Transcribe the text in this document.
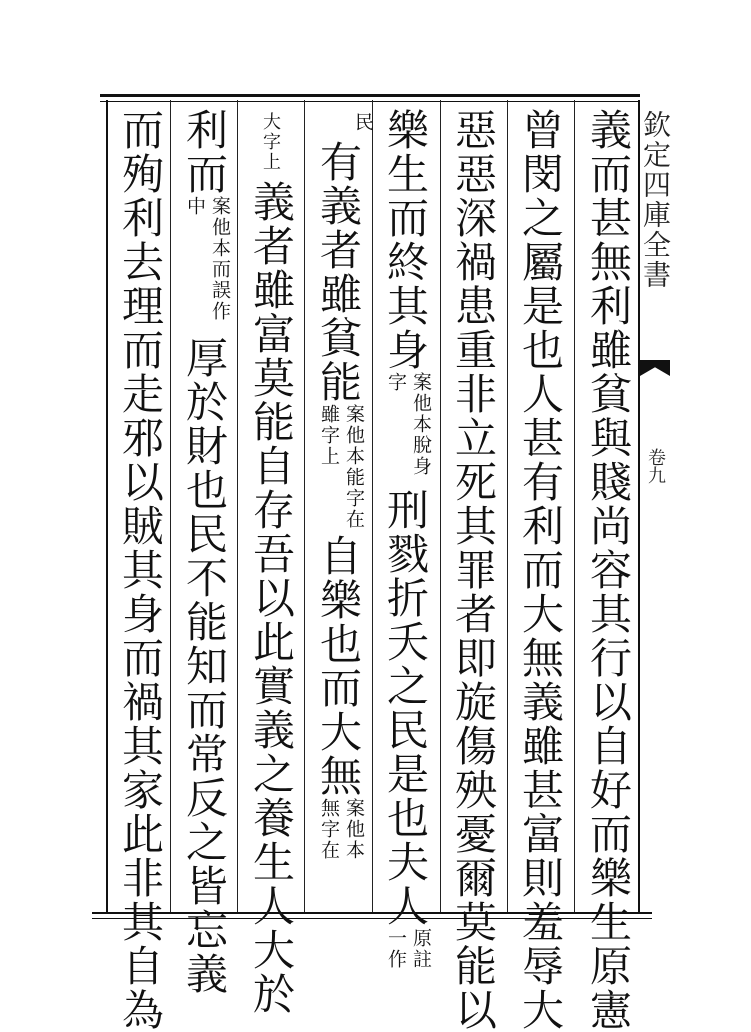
欽定四庫全書
卷九
義而甚無利雖貧與賤尚容其行以自好而樂生原憲
曾閔之屬是也人甚有利而大無義雖甚富則羞辱大
惡惡深禍患重非立死其罪者即旋傷殃憂爾莫能以
樂生而終其身案他本脫身字刑戮折夭之民是也夫人原註一作
民
有義者雖貧能案他本能字在雖字上自樂也而大無案他本無字在
大字上
義者雖富莫能自存吾以此實義之養生人大於
利而案他本而誤作中厚於財也民不能知而常反之皆忘義
而殉利去理而走邪以賊其身而禍其家此非其自為
